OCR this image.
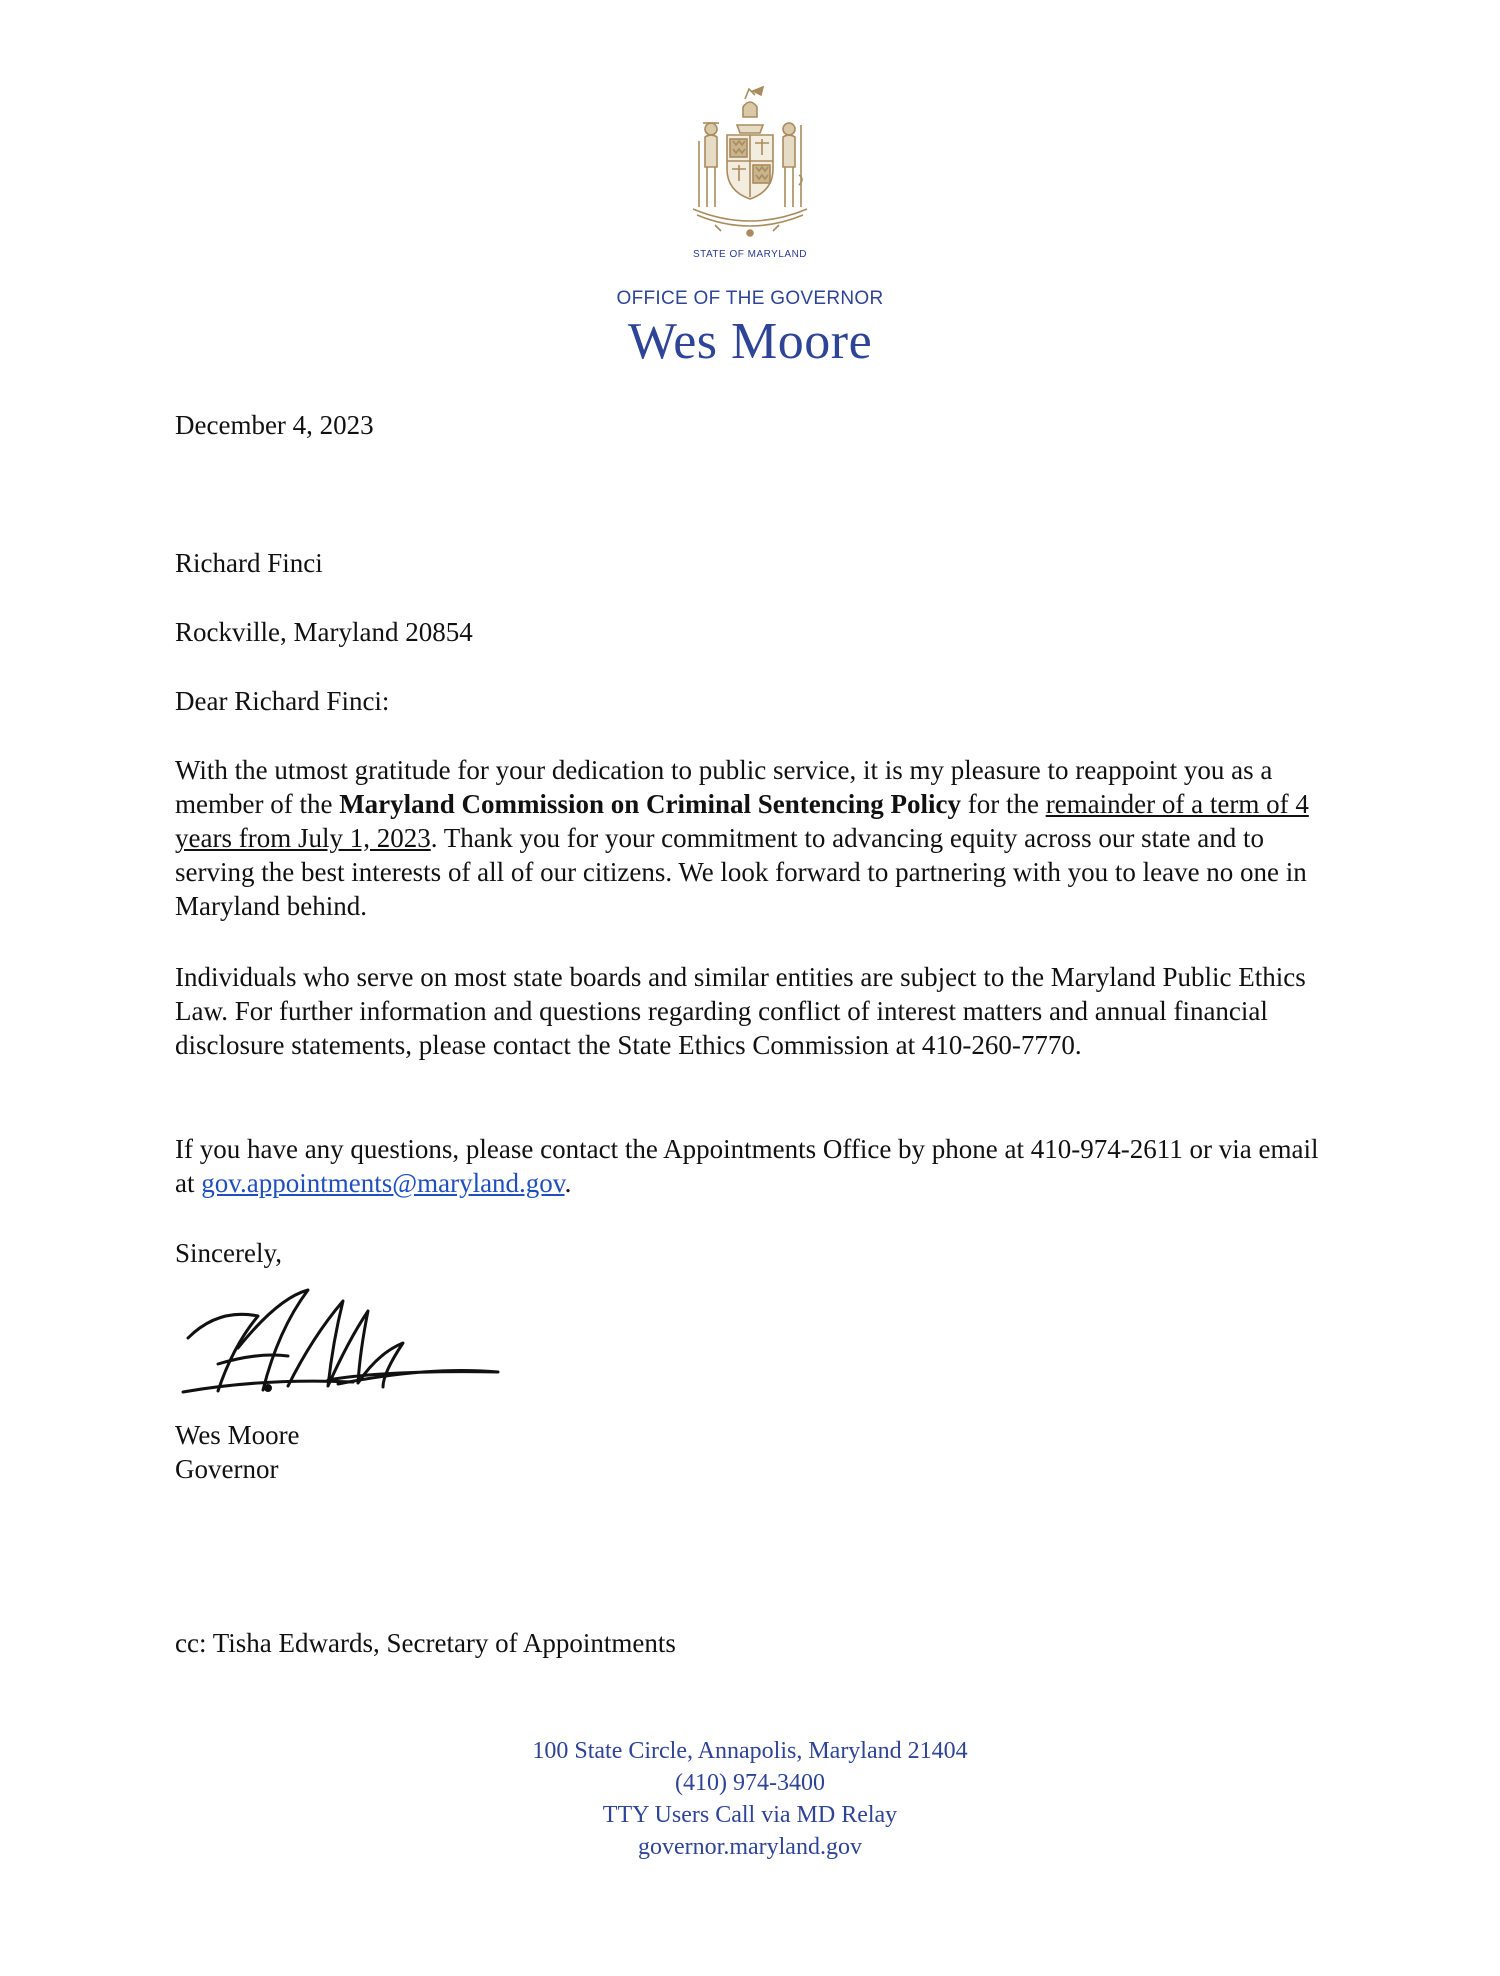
STATE OF MARYLAND
OFFICE OF THE GOVERNOR
Wes Moore
December 4, 2023
Richard Finci
Rockville, Maryland 20854
Dear Richard Finci:

With the utmost gratitude for your dedication to public service, it is my pleasure to reappoint you as a member of the Maryland Commission on Criminal Sentencing Policy for the remainder of a term of 4 years from July 1, 2023. Thank you for your commitment to advancing equity across our state and to serving the best interests of all of our citizens. We look forward to partnering with you to leave no one in Maryland behind.

Individuals who serve on most state boards and similar entities are subject to the Maryland Public Ethics Law. For further information and questions regarding conflict of interest matters and annual financial disclosure statements, please contact the State Ethics Commission at 410-260-7770.

If you have any questions, please contact the Appointments Office by phone at 410-974-2611 or via email at gov.appointments@maryland.gov.

Sincerely,
Wes Moore
Governor
cc: Tisha Edwards, Secretary of Appointments
100 State Circle, Annapolis, Maryland 21404
(410) 974-3400
TTY Users Call via MD Relay
governor.maryland.gov
